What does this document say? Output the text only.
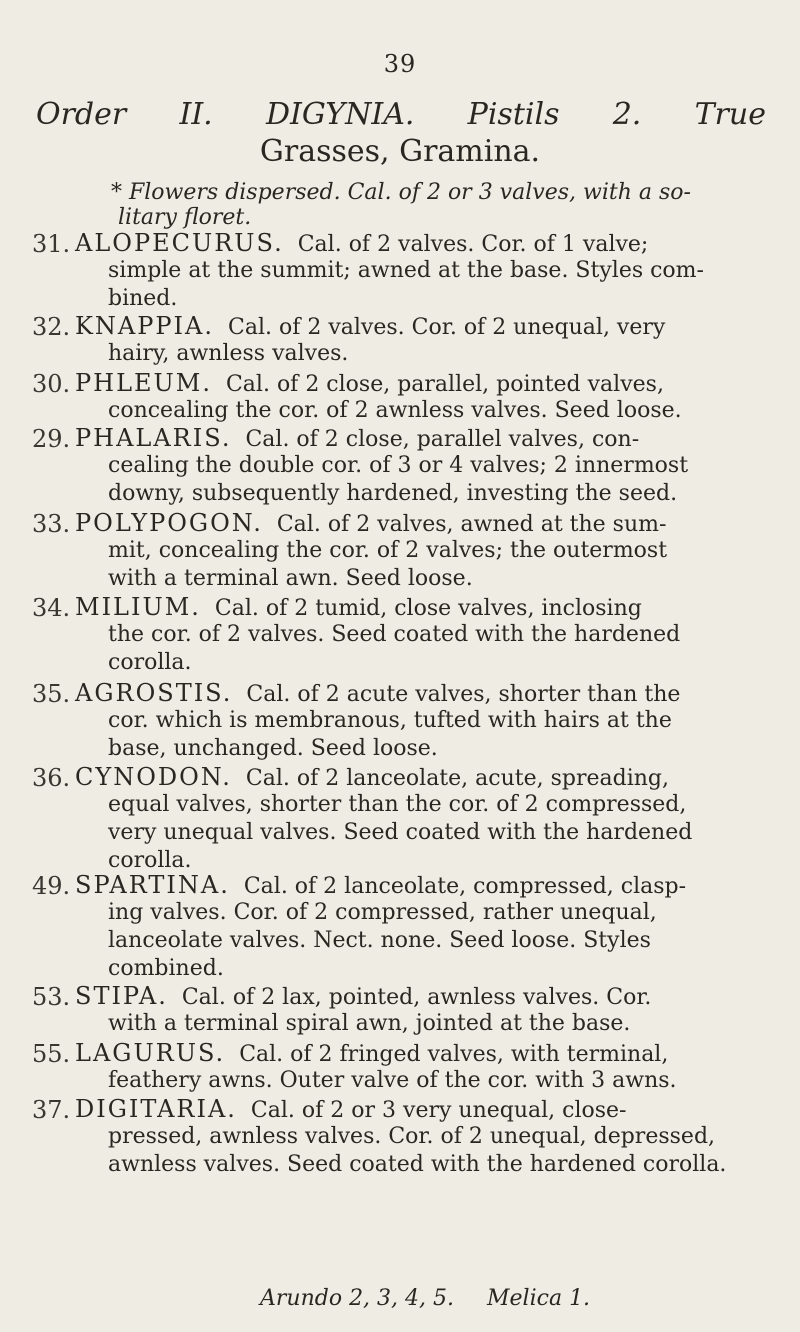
39
Order II. DIGYNIA. Pistils 2. True
Grasses, Gramina.
* Flowers dispersed. Cal. of 2 or 3 valves, with a so-
litary floret.
31. ALOPECURUS. Cal. of 2 valves. Cor. of 1 valve;
simple at the summit; awned at the base. Styles com-
bined.
32. KNAPPIA. Cal. of 2 valves. Cor. of 2 unequal, very
hairy, awnless valves.
30. PHLEUM. Cal. of 2 close, parallel, pointed valves,
concealing the cor. of 2 awnless valves. Seed loose.
29. PHALARIS. Cal. of 2 close, parallel valves, con-
cealing the double cor. of 3 or 4 valves; 2 innermost
downy, subsequently hardened, investing the seed.
33. POLYPOGON. Cal. of 2 valves, awned at the sum-
mit, concealing the cor. of 2 valves; the outermost
with a terminal awn. Seed loose.
34. MILIUM. Cal. of 2 tumid, close valves, inclosing
the cor. of 2 valves. Seed coated with the hardened
corolla.
35. AGROSTIS. Cal. of 2 acute valves, shorter than the
cor. which is membranous, tufted with hairs at the
base, unchanged. Seed loose.
36. CYNODON. Cal. of 2 lanceolate, acute, spreading,
equal valves, shorter than the cor. of 2 compressed,
very unequal valves. Seed coated with the hardened
corolla.
49. SPARTINA. Cal. of 2 lanceolate, compressed, clasp-
ing valves. Cor. of 2 compressed, rather unequal,
lanceolate valves. Nect. none. Seed loose. Styles
combined.
53. STIPA. Cal. of 2 lax, pointed, awnless valves. Cor.
with a terminal spiral awn, jointed at the base.
55. LAGURUS. Cal. of 2 fringed valves, with terminal,
feathery awns. Outer valve of the cor. with 3 awns.
37. DIGITARIA. Cal. of 2 or 3 very unequal, close-
pressed, awnless valves. Cor. of 2 unequal, depressed,
awnless valves. Seed coated with the hardened corolla.
Arundo 2, 3, 4, 5. Melica 1.
